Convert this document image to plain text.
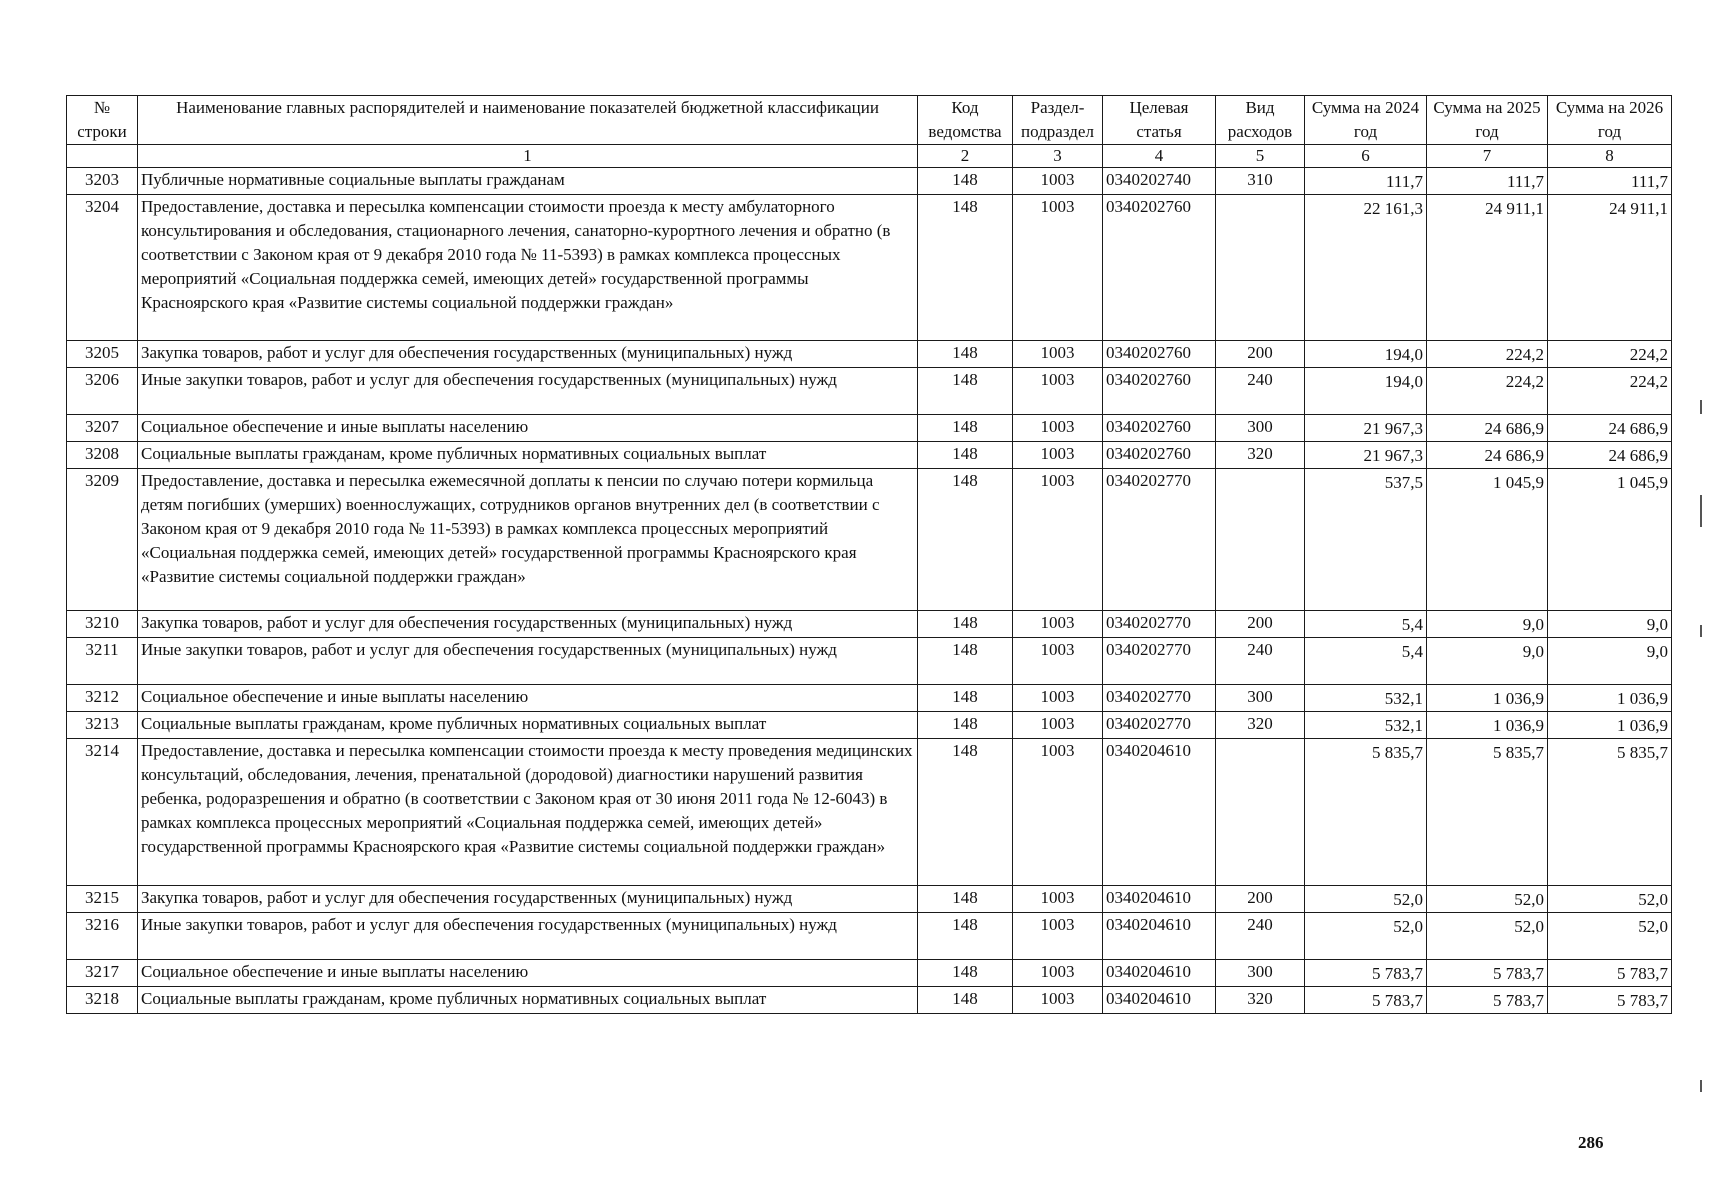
№ строки	Наименование главных распорядителей и наименование показателей бюджетной классификации	Код ведомства	Раздел-подраздел	Целевая статья	Вид расходов	Сумма на 2024 год	Сумма на 2025 год	Сумма на 2026 год
	1	2	3	4	5	6	7	8
3203	Публичные нормативные социальные выплаты гражданам	148	1003	0340202740	310	111,7	111,7	111,7
3204	Предоставление, доставка и пересылка компенсации стоимости проезда к месту амбулаторного консультирования и обследования, стационарного лечения, санаторно-курортного лечения и обратно (в соответствии с Законом края от 9 декабря 2010 года № 11-5393) в рамках комплекса процессных мероприятий «Социальная поддержка семей, имеющих детей» государственной программы Красноярского края «Развитие системы социальной поддержки граждан»	148	1003	0340202760		22 161,3	24 911,1	24 911,1
3205	Закупка товаров, работ и услуг для обеспечения государственных (муниципальных) нужд	148	1003	0340202760	200	194,0	224,2	224,2
3206	Иные закупки товаров, работ и услуг для обеспечения государственных (муниципальных) нужд	148	1003	0340202760	240	194,0	224,2	224,2
3207	Социальное обеспечение и иные выплаты населению	148	1003	0340202760	300	21 967,3	24 686,9	24 686,9
3208	Социальные выплаты гражданам, кроме публичных нормативных социальных выплат	148	1003	0340202760	320	21 967,3	24 686,9	24 686,9
3209	Предоставление, доставка и пересылка ежемесячной доплаты к пенсии по случаю потери кормильца детям погибших (умерших) военнослужащих, сотрудников органов внутренних дел (в соответствии с Законом края от 9 декабря 2010 года № 11-5393) в рамках комплекса процессных мероприятий «Социальная поддержка семей, имеющих детей» государственной программы Красноярского края «Развитие системы социальной поддержки граждан»	148	1003	0340202770		537,5	1 045,9	1 045,9
3210	Закупка товаров, работ и услуг для обеспечения государственных (муниципальных) нужд	148	1003	0340202770	200	5,4	9,0	9,0
3211	Иные закупки товаров, работ и услуг для обеспечения государственных (муниципальных) нужд	148	1003	0340202770	240	5,4	9,0	9,0
3212	Социальное обеспечение и иные выплаты населению	148	1003	0340202770	300	532,1	1 036,9	1 036,9
3213	Социальные выплаты гражданам, кроме публичных нормативных социальных выплат	148	1003	0340202770	320	532,1	1 036,9	1 036,9
3214	Предоставление, доставка и пересылка компенсации стоимости проезда к месту проведения медицинских консультаций, обследования, лечения, пренатальной (дородовой) диагностики нарушений развития ребенка, родоразрешения и обратно (в соответствии с Законом края от 30 июня 2011 года № 12-6043) в рамках комплекса процессных мероприятий «Социальная поддержка семей, имеющих детей» государственной программы Красноярского края «Развитие системы социальной поддержки граждан»	148	1003	0340204610		5 835,7	5 835,7	5 835,7
3215	Закупка товаров, работ и услуг для обеспечения государственных (муниципальных) нужд	148	1003	0340204610	200	52,0	52,0	52,0
3216	Иные закупки товаров, работ и услуг для обеспечения государственных (муниципальных) нужд	148	1003	0340204610	240	52,0	52,0	52,0
3217	Социальное обеспечение и иные выплаты населению	148	1003	0340204610	300	5 783,7	5 783,7	5 783,7
3218	Социальные выплаты гражданам, кроме публичных нормативных социальных выплат	148	1003	0340204610	320	5 783,7	5 783,7	5 783,7
286
